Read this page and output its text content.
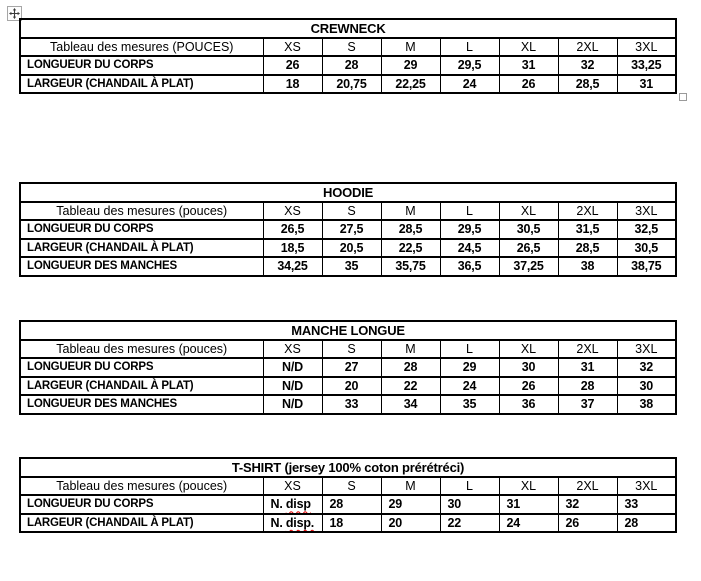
CREWNECK							
Tableau des mesures (POUCES)	XS	S	M	L	XL	2XL	3XL
LONGUEUR DU CORPS	26	28	29	29,5	31	32	33,25
LARGEUR (CHANDAIL À PLAT)	18	20,75	22,25	24	26	28,5	31
HOODIE							
Tableau des mesures (pouces)	XS	S	M	L	XL	2XL	3XL
LONGUEUR DU CORPS	26,5	27,5	28,5	29,5	30,5	31,5	32,5
LARGEUR (CHANDAIL À PLAT)	18,5	20,5	22,5	24,5	26,5	28,5	30,5
LONGUEUR DES MANCHES	34,25	35	35,75	36,5	37,25	38	38,75
MANCHE LONGUE							
Tableau des mesures (pouces)	XS	S	M	L	XL	2XL	3XL
LONGUEUR DU CORPS	N/D	27	28	29	30	31	32
LARGEUR (CHANDAIL À PLAT)	N/D	20	22	24	26	28	30
LONGUEUR DES MANCHES	N/D	33	34	35	36	37	38
T-SHIRT (jersey 100% coton prérétréci)							
Tableau des mesures (pouces)	XS	S	M	L	XL	2XL	3XL
LONGUEUR DU CORPS	N. disp	28	29	30	31	32	33
LARGEUR (CHANDAIL À PLAT)	N. disp.	18	20	22	24	26	28
